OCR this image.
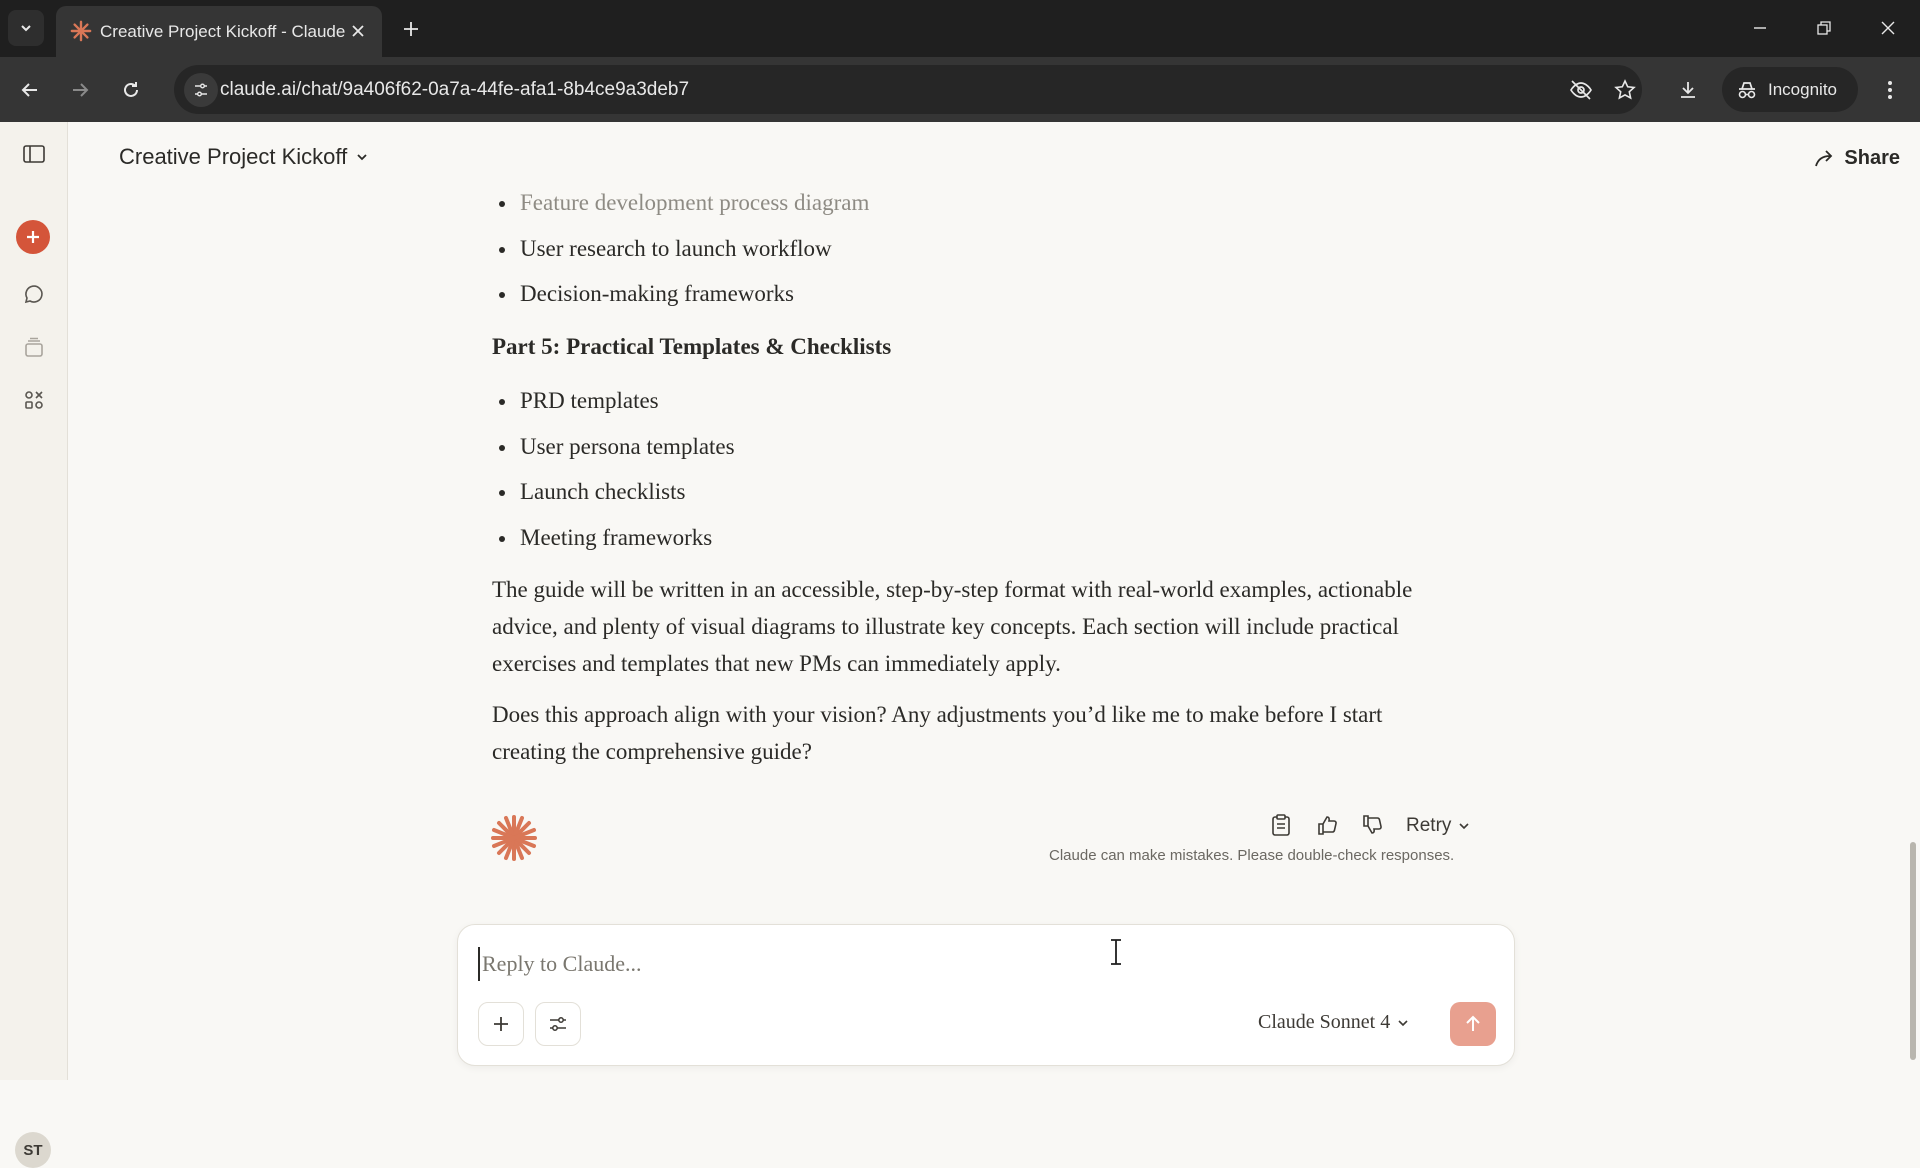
Creative Project Kickoff - Claude
claude.ai/chat/9a406f62-0a7a-44fe-afa1-8b4ce9a3deb7	Incognito
ST
Creative Project Kickoff	Share
Feature development process diagram
User research to launch workflow
Decision-making frameworks
Part 5: Practical Templates & Checklists
PRD templates
User persona templates
Launch checklists
Meeting frameworks

The guide will be written in an accessible, step-by-step format with real-world examples, actionable advice, and plenty of visual diagrams to illustrate key concepts. Each section will include practical exercises and templates that new PMs can immediately apply.

Does this approach align with your vision? Any adjustments you’d like me to make before I start creating the comprehensive guide?

Retry
Claude can make mistakes. Please double-check responses.
Reply to Claude...
Claude Sonnet 4
